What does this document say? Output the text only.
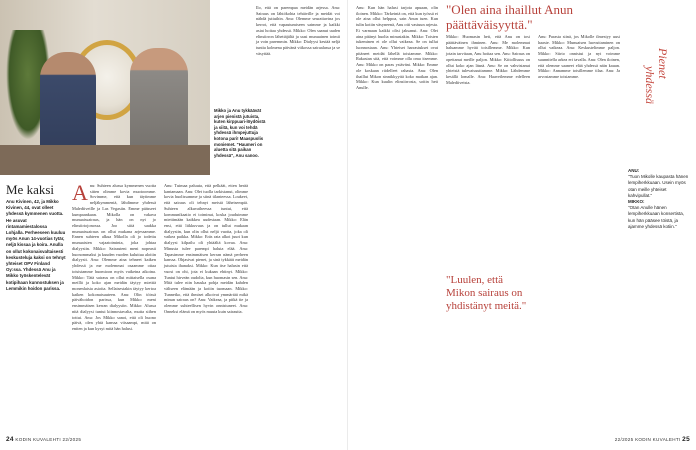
Mikko ja Anu tykkäävät arjen pienistä jutuista, kuten kirppuari-löydöistä ja siitä, kun voi tehdä yhdessä ihmpejuttuja kotona pari! Maaspuolis moniemet. "Haumeri on aluetta sitä paikan yhdessä", Anu sanoo.
Me kaksi
Anu Kivinen, 42, ja Mikko Kivinen, 44, ovat olleet yhdessä kymmenen vuotta. He asuvat rintamamiestalossa Lohjalla. Perheeseen kuuluu myös Anun 14-vuotias tytär, neljä kissaa ja koira. Anulla on ollut kokonaisvaltaisesti keskusteluja kaksi on tehnyt yhteiset OPV Finland Oy:ssa. Yhdessä Anu ja Mikko työskentelevät kotipihaan kunnostuksen ja Lemmikin hoidon parissa.
A nu: Suhteen alussa kymmenen vuotta sitten olimme kovia muotoomme. Sovimme, että kun täytimme neljäkymmentä, lähdimme yhdessä Malediiveille ja Las Vegasiin. Emme päässeet kumpaankaan. Mikolla on vakava munuaissairaus, ja hän on nyt jo elinsiirtojonossa. Joo siitä saakka munuaissairaus on ollut mukana arjessamme. Ennen suhteen alkua Mikolla oli jo todettu munuaisten vajaatoiminta, joka johtaa dialyysiin. Mikko: Sairauteni meni nopeasti huonommaksi ja kuuden vuoden kuluttua aloitin dialyysit. Anu: Olemme aina tehneet kaiken yhdessä ja me molemmat osaamme ottaa toisistamme huomioon myös vaikeina aikoina. Mikko: Tätä sairaus on ollut mittaisella osana meillä ja koko ajan meidän täytyy miettiä monenlaisia asioita. Sellaisestakin täytyy kertoa kaiken kokonaisuuteen. Anu: Olin töissä päivähoidon parissa, kun Mikko meni ensimmäisen kerran dialyysiin. Mikko: Alussa nitä dialyysi tuntui kiinnostavalta, mutta siihen tottui. Anu: Jos Mikko sanoi, että oli huono päivä, olen yhtä kanssa viisaampi, mitä on eniten ja kun kysyi mitä hän halusi.

Anu: Tuimaa paluuta, että pelkäät, etten herää kantamaan. Anu: Olet tuolla tarkistanut, olimme kovia huolissamme ja siinä tilanteessa. Loukeet, että sairaus oli tehnyt meistä läheisempiä. Suhteen alkuvaiheessa tuntui, että kommunikaatio ei toiminut, koska jouduimme miettimään kaikkea uudestaan. Mikko: Elän ensi, että liikkuvuus ja on tullut mukaan dialyysiin, kun olin ollut neljä vuotta, joka oli vaikea paikka. Mikko: Eräs rata alkoi juuri kun dialyysi kilpailu oli yhtäältä kovaa. Anu: Minusta tulee parempi haluta elää. Anu: Tapasimme ensimmäisen kerran nämä perheen kanssa. Ohjasivat pienet, ja sinä tykkäät meidän jutuista ihanaksi. Mikko: Kun itse halusin että vuosi on ohi, jota ei kukaan ehtinyt. Mikko: Tuntui hirveän oudolta, kun huomasin sen. Anu: Mitä tulee niin hauska pohja meidän kahden väliseen elämään ja kotiin tuomaan. Mikko: Tunnetko, että ihmiset alkoivat ymmärtää mikä minun sairaus on? Anu: Vaikeaa, ja pitkä tie ja olemme suhteellisen hyvin onnistuneet. Anu: Onneksi elämä on myös muuta kuin sairautta.

Ilo, että on parempaa meidän arjessa. Anu: Sairaus on lähtökohta tehtäville ja meidät voi nähdä juttuihin. Anu: Olemme seurattavina jos kerrot, että vapautumiseen saimme ja kaikki asiat hoitaa yhdessä. Mikko: Olen saanut uuden elinsiirron lähettäjältä ja uusi munuainen toimii ja voin paremmin. Mikko: Dialyysi kestää neljä tuntia kolmena päivänä viikossa sairaalassa ja se väsyttää.

24 KODIN KUVALEHTI 22/2025
"Olen aina ihaillut Anun päättäväisyyttä."

Anu: Kun hän halusi tarjota apuaan, olin iloinen. Mikko: Tärkeintä on, että kun työssä ei ole aina ollut helppoa, sain Anun tuen. Kun tulin kotiin väsyneenä, Anu otti vastuun arjesta. Ei varmaan kaikki olisi jaksanut. Anu: Olet aina pitänyt huolta minustakin. Mikko: Toisten tukeminen ei ole ollut vaikeaa. Se on tullut luonnostaan. Anu: Yhteiset harrastukset ovat pitäneet meidät lähellä toisiamme. Mikko: Rakastan sitä, että voimme olla oma itsemme. Anu: Mikko on paras ystäväni. Mikko: Emme ole koskaan riidelleet rahasta. Anu: Olen ihaillut Mikon sinnikkyyttä koko matkan ajan. Mikko: Kun kuulin elinsiirrosta, soitin heti Anulle.

Mikko: Huomasin heti, että Anu on tosi päättäväinen ihminen. Anu: Me molemmat haluamme hyvää toisillemme. Mikko: Kun jotain tarvitaan, Anu hoitaa sen. Anu: Sairaus on opettanut meille paljon. Mikko: Kiitollisuus on ollut koko ajan läsnä. Anu: Se on vahvistanut yhteistä tulevaisuuttamme. Mikko: Lähdemme kesällä lomalle. Anu: Haaveilemme edelleen Malediiveista.

Anu: Parasta siinä, jos Mikolle ilmestyy uusi haaste. Mikko: Munuaisen luovuttaminen on ollut vaikeaa. Anu: Keskustelimme paljon. Mikko: Siirto onnistui ja nyt voimme suunnitella arkea eri tavalla. Anu: Olen iloinen, että olemme saaneet elää yhdessä näin kauan. Mikko: Annamme toisillemme tilaa. Anu: Ja arvostamme toisiamme.

"Luulen, että Mikon sairaus on yhdistänyt meitä."
Pienet
yhdessä
ANU:
"Tuon Mikolle kaupasta hänen lempiherkkuaan. Usein myös otan meille yhteiset kahvipullat."
MIKKO:
"Otan Anulle hänen lempiherkkuaan konsertista, kun hän pääsee töistä, ja ajamme yhdessä kotiin."
22/2025 KODIN KUVALEHTI 25
